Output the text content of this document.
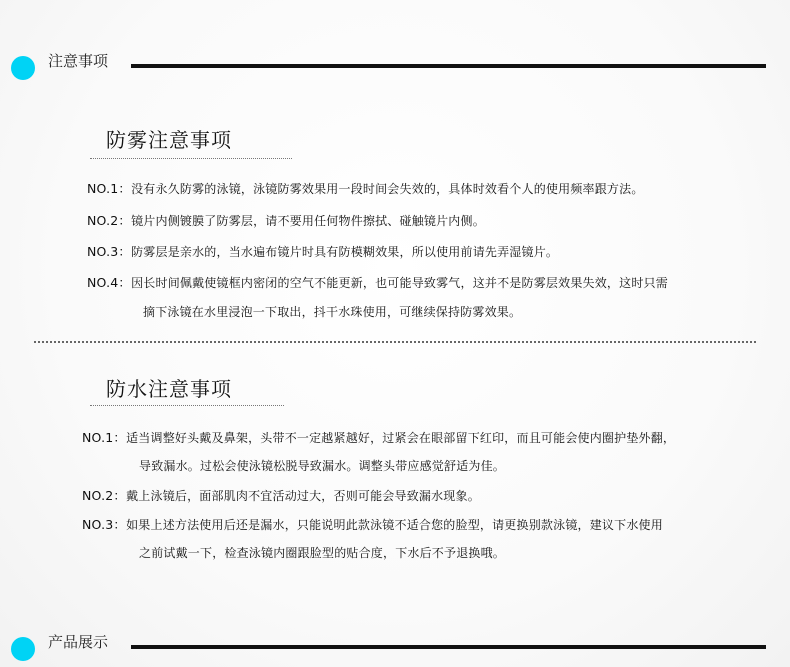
注意事项
防雾注意事项
NO.1：没有永久防雾的泳镜，泳镜防雾效果用一段时间会失效的，具体时效看个人的使用频率跟方法。
NO.2：镜片内侧镀膜了防雾层，请不要用任何物件擦拭、碰触镜片内侧。
NO.3：防雾层是亲水的，当水遍布镜片时具有防模糊效果，所以使用前请先弄湿镜片。
NO.4：因长时间佩戴使镜框内密闭的空气不能更新，也可能导致雾气，这并不是防雾层效果失效，这时只需
摘下泳镜在水里浸泡一下取出，抖干水珠使用，可继续保持防雾效果。
防水注意事项
NO.1：适当调整好头戴及鼻架，头带不一定越紧越好，过紧会在眼部留下红印，而且可能会使内圈护垫外翻，
导致漏水。过松会使泳镜松脱导致漏水。调整头带应感觉舒适为佳。
NO.2：戴上泳镜后，面部肌肉不宜活动过大，否则可能会导致漏水现象。
NO.3：如果上述方法使用后还是漏水，只能说明此款泳镜不适合您的脸型，请更换别款泳镜，建议下水使用
之前试戴一下，检查泳镜内圈跟脸型的贴合度，下水后不予退换哦。
产品展示
